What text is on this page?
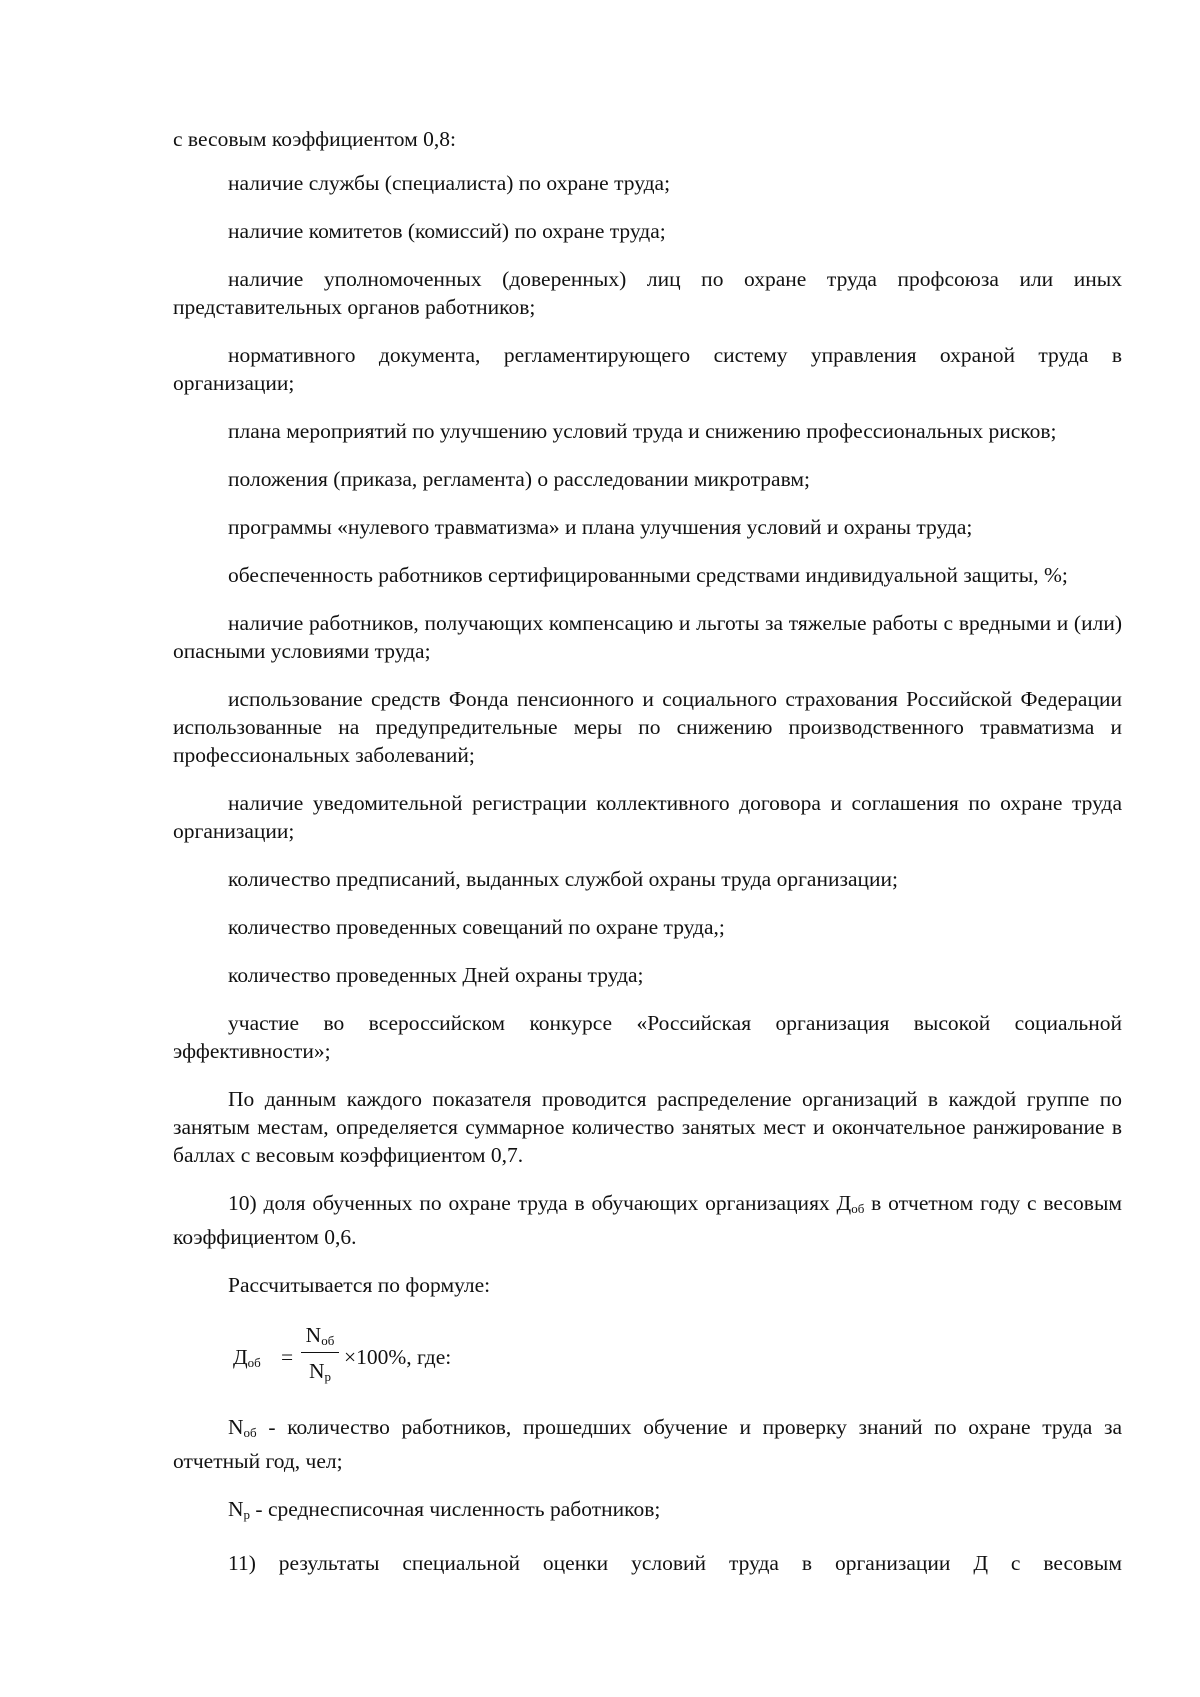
с весовым коэффициентом 0,8:

наличие службы (специалиста) по охране труда;

наличие комитетов (комиссий) по охране труда;

наличие уполномоченных (доверенных) лиц по охране труда профсоюза или иных представительных органов работников;

нормативного документа, регламентирующего систему управления охраной труда в организации;

плана мероприятий по улучшению условий труда и снижению профессиональных рисков;

положения (приказа, регламента) о расследовании микротравм;

программы «нулевого травматизма» и плана улучшения условий и охраны труда;

обеспеченность работников сертифицированными средствами индивидуальной защиты, %;

наличие работников, получающих компенсацию и льготы за тяжелые работы с вредными и (или) опасными условиями труда;

использование средств Фонда пенсионного и социального страхования Российской Федерации использованные на предупредительные меры по снижению производственного травматизма и профессиональных заболеваний;

наличие уведомительной регистрации коллективного договора и соглашения по охране труда организации;

количество предписаний, выданных службой охраны труда организации;

количество проведенных совещаний по охране труда,;

количество проведенных Дней охраны труда;

участие во всероссийском конкурсе «Российская организация высокой социальной эффективности»;

По данным каждого показателя проводится распределение организаций в каждой группе по занятым местам, определяется суммарное количество занятых мест и окончательное ранжирование в баллах с весовым коэффициентом 0,7.

10) доля обученных по охране труда в обучающих организациях $Д_{об}$ в отчетном году с весовым коэффициентом 0,6.

Рассчитывается по формуле:

$Д_{об}$ =
$N_{об}$
$N_р$
×100%, где:

$N_{об}$ - количество работников, прошедших обучение и проверку знаний по охране труда за отчетный год, чел;

$N_р$ - среднесписочная численность работников;

11) результаты специальной оценки условий труда в организации Д с весовым
